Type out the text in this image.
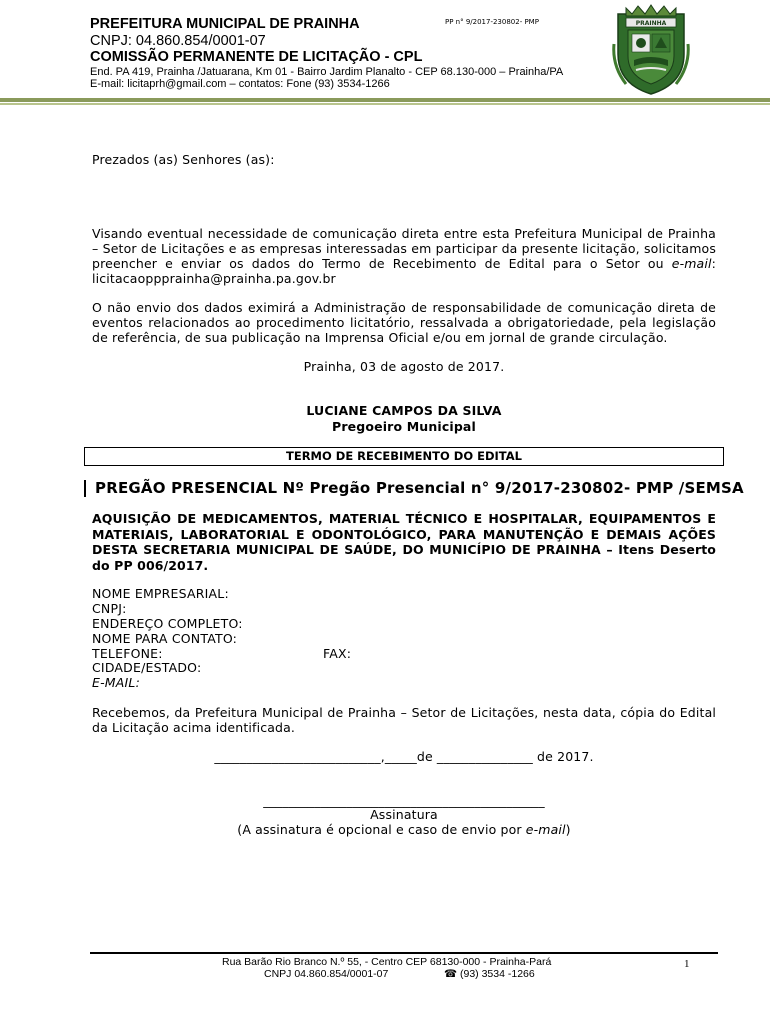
PREFEITURA MUNICIPAL DE PRAINHA	PP n° 9/2017-230802- PMP
CNPJ: 04.860.854/0001-07
COMISSÃO PERMANENTE DE LICITAÇÃO - CPL
End. PA 419, Prainha /Jatuarana, Km 01 - Bairro Jardim Planalto - CEP 68.130-000 – Prainha/PA
E-mail: licitaprh@gmail.com – contatos: Fone (93) 3534-1266
PRAINHA
Prezados (as) Senhores (as):
Visando eventual necessidade de comunicação direta entre esta Prefeitura Municipal de Prainha – Setor de Licitações e as empresas interessadas em participar da presente licitação, solicitamos preencher e enviar os dados do Termo de Recebimento de Edital para o Setor ou e-mail: licitacaoppprainha@prainha.pa.gov.br
O não envio dos dados eximirá a Administração de responsabilidade de comunicação direta de eventos relacionados ao procedimento licitatório, ressalvada a obrigatoriedade, pela legislação de referência, de sua publicação na Imprensa Oficial e/ou em jornal de grande circulação.
Prainha, 03 de agosto de 2017.
LUCIANE CAMPOS DA SILVA
Pregoeiro Municipal
TERMO DE RECEBIMENTO DO EDITAL
PREGÃO PRESENCIAL Nº Pregão Presencial n° 9/2017-230802- PMP /SEMSA
AQUISIÇÃO DE MEDICAMENTOS, MATERIAL TÉCNICO E HOSPITALAR, EQUIPAMENTOS E MATERIAIS, LABORATORIAL E ODONTOLÓGICO, PARA MANUTENÇÃO E DEMAIS AÇÕES DESTA SECRETARIA MUNICIPAL DE SAÚDE, DO MUNICÍPIO DE PRAINHA – Itens Deserto do PP 006/2017.
NOME EMPRESARIAL:
CNPJ:
ENDEREÇO COMPLETO:
NOME PARA CONTATO:
TELEFONE:	FAX:
CIDADE/ESTADO:
E-MAIL:
Recebemos, da Prefeitura Municipal de Prainha – Setor de Licitações, nesta data, cópia do Edital da Licitação acima identificada.
__________________________,_____de _______________ de 2017.
____________________________________________
Assinatura
(A assinatura é opcional e caso de envio por e-mail)
Rua Barão Rio Branco N.º 55, - Centro CEP 68130-000 - Prainha-Pará
CNPJ 04.860.854/0001-07	☎ (93) 3534 -1266
1
